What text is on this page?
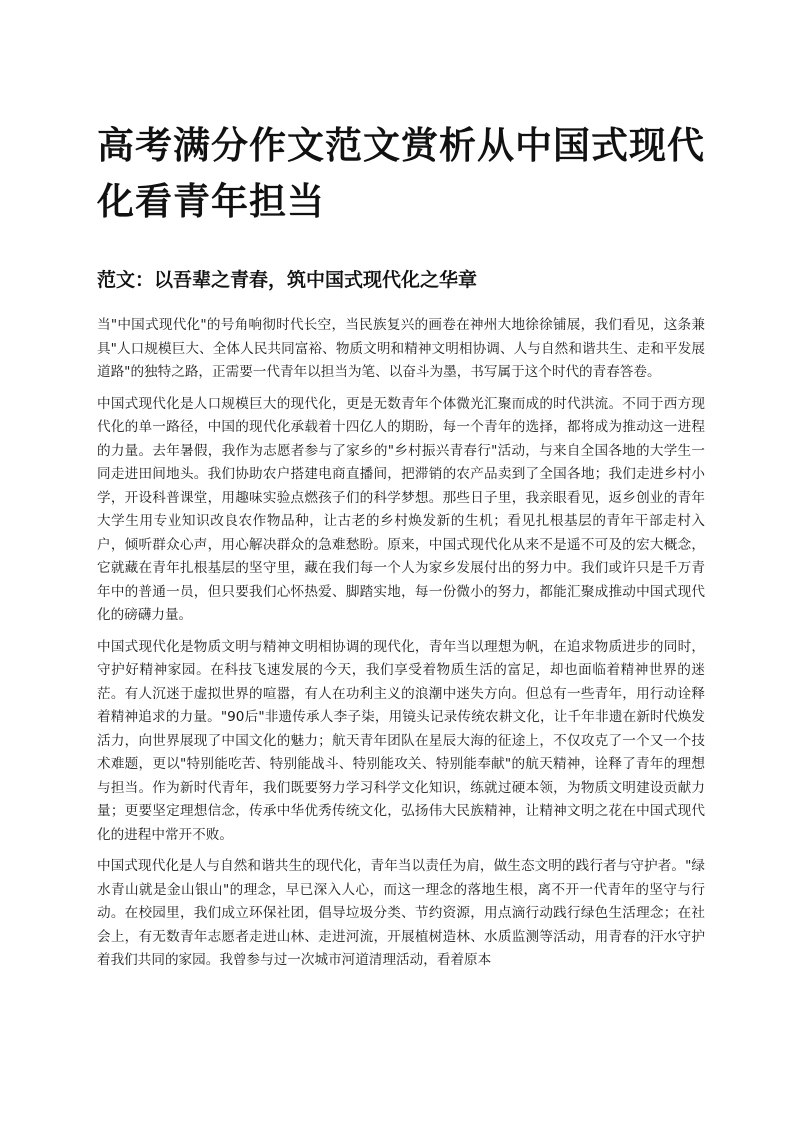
高考满分作文范文赏析从中国式现代化看青年担当
范文：以吾辈之青春，筑中国式现代化之华章

当"中国式现代化"的号角响彻时代长空，当民族复兴的画卷在神州大地徐徐铺展，我们看见，这条兼具"人口规模巨大、全体人民共同富裕、物质文明和精神文明相协调、人与自然和谐共生、走和平发展道路"的独特之路，正需要一代青年以担当为笔、以奋斗为墨，书写属于这个时代的青春答卷。

中国式现代化是人口规模巨大的现代化，更是无数青年个体微光汇聚而成的时代洪流。不同于西方现代化的单一路径，中国的现代化承载着十四亿人的期盼，每一个青年的选择，都将成为推动这一进程的力量。去年暑假，我作为志愿者参与了家乡的"乡村振兴青春行"活动，与来自全国各地的大学生一同走进田间地头。我们协助农户搭建电商直播间，把滞销的农产品卖到了全国各地；我们走进乡村小学，开设科普课堂，用趣味实验点燃孩子们的科学梦想。那些日子里，我亲眼看见，返乡创业的青年大学生用专业知识改良农作物品种，让古老的乡村焕发新的生机；看见扎根基层的青年干部走村入户，倾听群众心声，用心解决群众的急难愁盼。原来，中国式现代化从来不是遥不可及的宏大概念，它就藏在青年扎根基层的坚守里，藏在我们每一个人为家乡发展付出的努力中。我们或许只是千万青年中的普通一员，但只要我们心怀热爱、脚踏实地，每一份微小的努力，都能汇聚成推动中国式现代化的磅礴力量。

中国式现代化是物质文明与精神文明相协调的现代化，青年当以理想为帆，在追求物质进步的同时，守护好精神家园。在科技飞速发展的今天，我们享受着物质生活的富足，却也面临着精神世界的迷茫。有人沉迷于虚拟世界的喧嚣，有人在功利主义的浪潮中迷失方向。但总有一些青年，用行动诠释着精神追求的力量。"90后"非遗传承人李子柒，用镜头记录传统农耕文化，让千年非遗在新时代焕发活力，向世界展现了中国文化的魅力；航天青年团队在星辰大海的征途上，不仅攻克了一个又一个技术难题，更以"特别能吃苦、特别能战斗、特别能攻关、特别能奉献"的航天精神，诠释了青年的理想与担当。作为新时代青年，我们既要努力学习科学文化知识，练就过硬本领，为物质文明建设贡献力量；更要坚定理想信念，传承中华优秀传统文化，弘扬伟大民族精神，让精神文明之花在中国式现代化的进程中常开不败。

中国式现代化是人与自然和谐共生的现代化，青年当以责任为肩，做生态文明的践行者与守护者。"绿水青山就是金山银山"的理念，早已深入人心，而这一理念的落地生根，离不开一代青年的坚守与行动。在校园里，我们成立环保社团，倡导垃圾分类、节约资源，用点滴行动践行绿色生活理念；在社会上，有无数青年志愿者走进山林、走进河流，开展植树造林、水质监测等活动，用青春的汗水守护着我们共同的家园。我曾参与过一次城市河道清理活动，看着原本
